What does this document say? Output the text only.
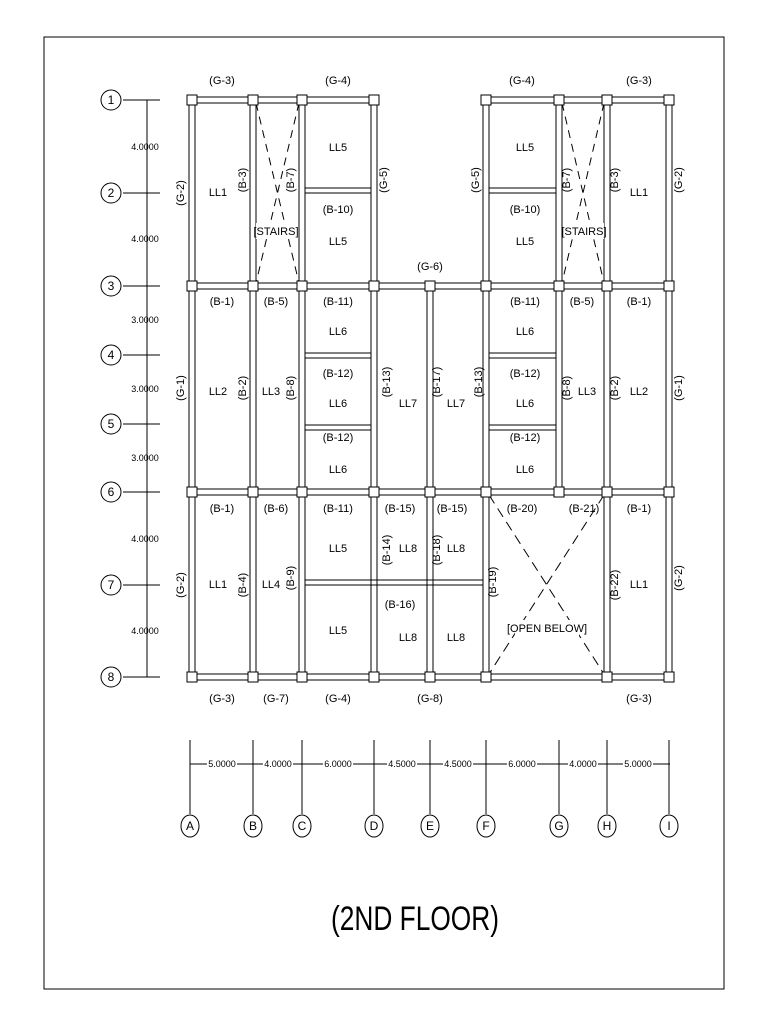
1
2
3
4
5
6
7
8
4.0000
4.0000
3.0000
3.0000
3.0000
4.0000
4.0000
5.0000	4.0000	6.0000	4.5000	4.5000	6.0000	4.0000	5.0000
A	B	C	D	E	F	G	H	I
(G-3)	(G-4)	(G-4)	(G-3)
(G-6)
(G-3)	(G-7)	(G-4)	(G-8)	(G-3)
(B-10)	(B-10)
(B-1)	(B-5)	(B-11)	(B-11)	(B-5)	(B-1)
(B-12)
(B-12)
(B-12)
(B-12)
(B-1)	(B-6)	(B-11)	(B-15) (B-15)	(B-20)	(B-21) (B-1)
(B-16)
(G-2)
(G-1)
(G-2)
(G-2)
(G-1)
(G-2)
(B-3)	(B-7)	(G-5)	(G-5)	(B-7)	(B-3)
(B-2)	(B-8)	(B-13)	(B-17)	(B-13)	(B-8)	(B-2)
(B-4)	(B-9)
(B-14)	(B-18)
(B-19)	(B-22)
LL1
[STAIRS]
LL5
LL5
LL5
LL5
[STAIRS]
LL1
LL2	LL3
LL6
LL6
LL6
LL7	LL7
LL6
LL6
LL6
LL3	LL2
LL1	LL4
LL5
LL5
LL8	LL8
LL8	LL8
[OPEN BELOW]
LL1
(2ND FLOOR)
